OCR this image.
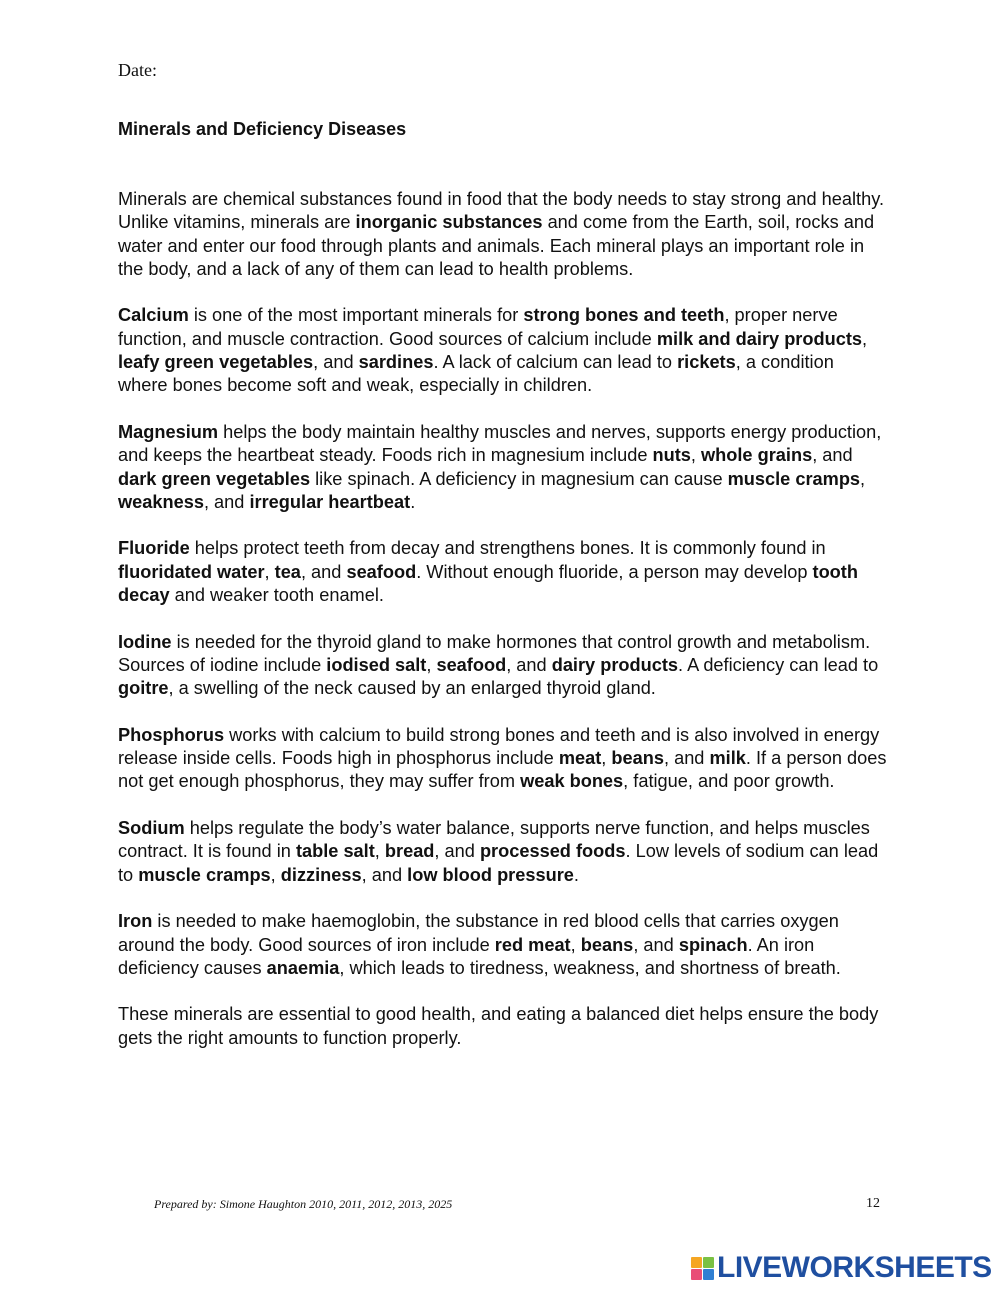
Date:
Minerals and Deficiency Diseases

Minerals are chemical substances found in food that the body needs to stay strong and healthy. Unlike vitamins, minerals are inorganic substances and come from the Earth, soil, rocks and water and enter our food through plants and animals. Each mineral plays an important role in the body, and a lack of any of them can lead to health problems.

Calcium is one of the most important minerals for strong bones and teeth, proper nerve function, and muscle contraction. Good sources of calcium include milk and dairy products, leafy green vegetables, and sardines. A lack of calcium can lead to rickets, a condition where bones become soft and weak, especially in children.

Magnesium helps the body maintain healthy muscles and nerves, supports energy production, and keeps the heartbeat steady. Foods rich in magnesium include nuts, whole grains, and dark green vegetables like spinach. A deficiency in magnesium can cause muscle cramps, weakness, and irregular heartbeat.

Fluoride helps protect teeth from decay and strengthens bones. It is commonly found in fluoridated water, tea, and seafood. Without enough fluoride, a person may develop tooth decay and weaker tooth enamel.

Iodine is needed for the thyroid gland to make hormones that control growth and metabolism. Sources of iodine include iodised salt, seafood, and dairy products. A deficiency can lead to goitre, a swelling of the neck caused by an enlarged thyroid gland.

Phosphorus works with calcium to build strong bones and teeth and is also involved in energy release inside cells. Foods high in phosphorus include meat, beans, and milk. If a person does not get enough phosphorus, they may suffer from weak bones, fatigue, and poor growth.

Sodium helps regulate the body’s water balance, supports nerve function, and helps muscles contract. It is found in table salt, bread, and processed foods. Low levels of sodium can lead to muscle cramps, dizziness, and low blood pressure.

Iron is needed to make haemoglobin, the substance in red blood cells that carries oxygen around the body. Good sources of iron include red meat, beans, and spinach. An iron deficiency causes anaemia, which leads to tiredness, weakness, and shortness of breath.

These minerals are essential to good health, and eating a balanced diet helps ensure the body gets the right amounts to function properly.

Prepared by: Simone Haughton 2010, 2011, 2012, 2013, 2025	12
LIVEWORKSHEETS
